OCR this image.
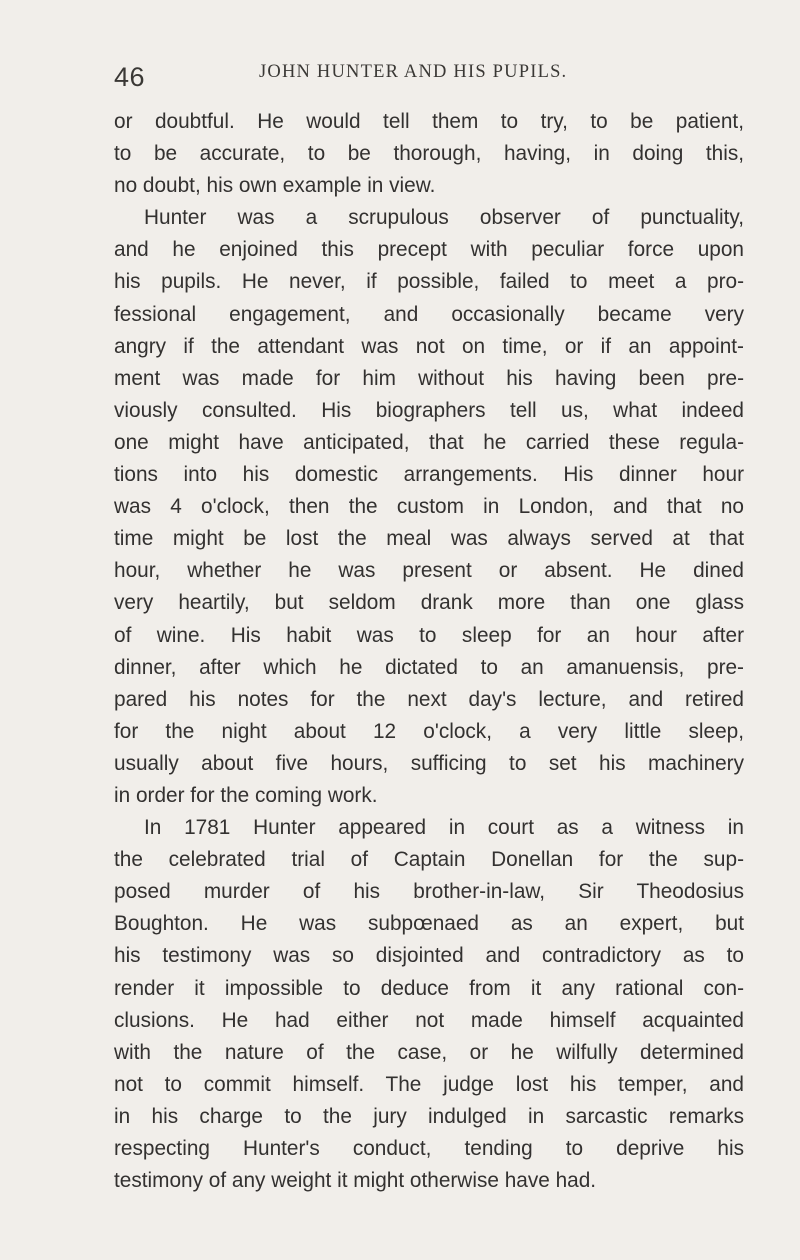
46	JOHN HUNTER AND HIS PUPILS.
or doubtful. He would tell them to try, to be patient,
to be accurate, to be thorough, having, in doing this,
no doubt, his own example in view.
Hunter was a scrupulous observer of punctuality,
and he enjoined this precept with peculiar force upon
his pupils. He never, if possible, failed to meet a pro-
fessional engagement, and occasionally became very
angry if the attendant was not on time, or if an appoint-
ment was made for him without his having been pre-
viously consulted. His biographers tell us, what indeed
one might have anticipated, that he carried these regula-
tions into his domestic arrangements. His dinner hour
was 4 o'clock, then the custom in London, and that no
time might be lost the meal was always served at that
hour, whether he was present or absent. He dined
very heartily, but seldom drank more than one glass
of wine. His habit was to sleep for an hour after
dinner, after which he dictated to an amanuensis, pre-
pared his notes for the next day's lecture, and retired
for the night about 12 o'clock, a very little sleep,
usually about five hours, sufficing to set his machinery
in order for the coming work.
In 1781 Hunter appeared in court as a witness in
the celebrated trial of Captain Donellan for the sup-
posed murder of his brother-in-law, Sir Theodosius
Boughton. He was subpœnaed as an expert, but
his testimony was so disjointed and contradictory as to
render it impossible to deduce from it any rational con-
clusions. He had either not made himself acquainted
with the nature of the case, or he wilfully determined
not to commit himself. The judge lost his temper, and
in his charge to the jury indulged in sarcastic remarks
respecting Hunter's conduct, tending to deprive his
testimony of any weight it might otherwise have had.
